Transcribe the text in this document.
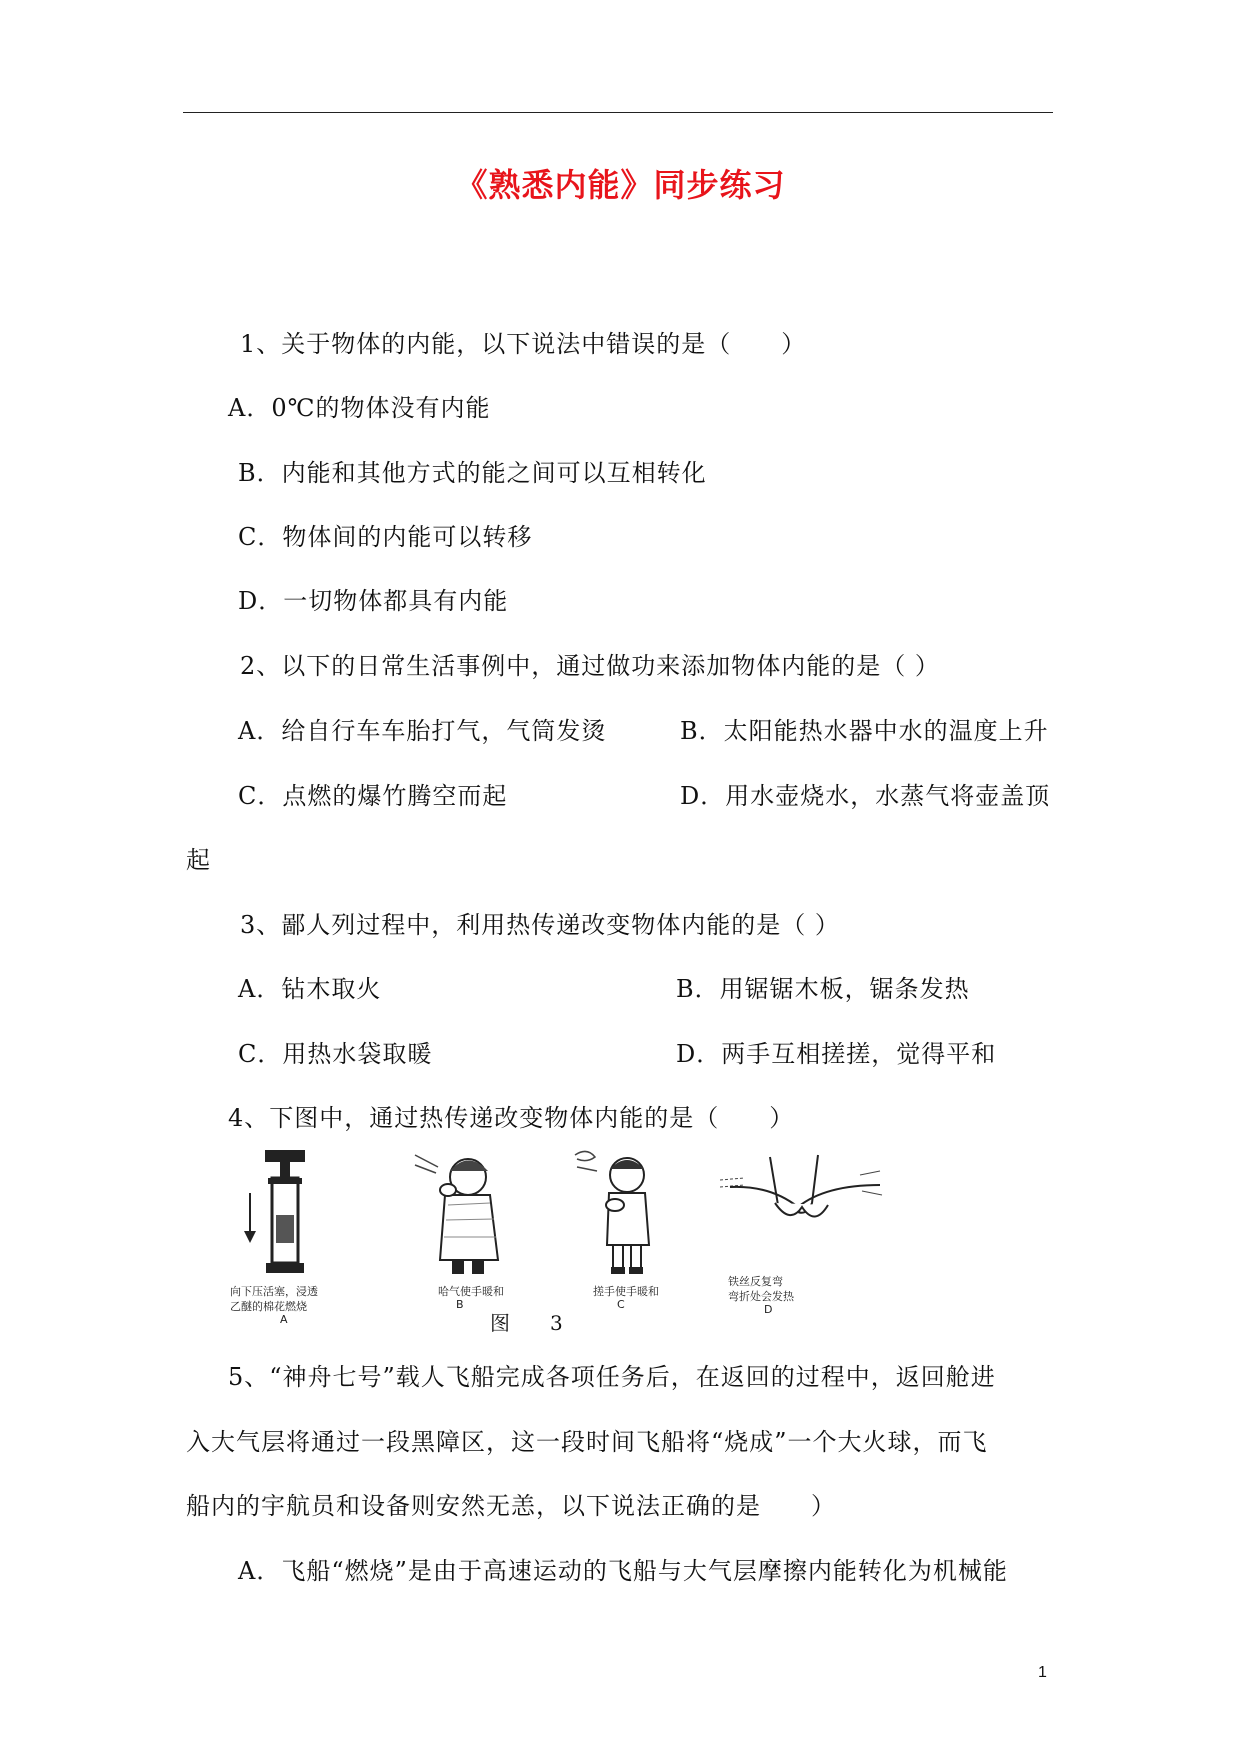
《熟悉内能》同步练习
1、关于物体的内能，以下说法中错误的是（　　）
A．0℃的物体没有内能
B．内能和其他方式的能之间可以互相转化
C．物体间的内能可以转移
D．一切物体都具有内能
2、以下的日常生活事例中，通过做功来添加物体内能的是（ ）
A．给自行车车胎打气，气筒发烫	B．太阳能热水器中水的温度上升
C．点燃的爆竹腾空而起	D．用水壶烧水，水蒸气将壶盖顶
起
3、鄙人列过程中，利用热传递改变物体内能的是（ ）
A．钻木取火	B．用锯锯木板，锯条发热
C．用热水袋取暖	D．两手互相搓搓，觉得平和
4、下图中，通过热传递改变物体内能的是（　　）
向下压活塞，浸透
乙醚的棉花燃烧
A
哈气使手暖和
B
搓手使手暖和
C
铁丝反复弯
弯折处会发热
D
图　　3
5、“神舟七号”载人飞船完成各项任务后，在返回的过程中，返回舱进
入大气层将通过一段黑障区，这一段时间飞船将“烧成”一个大火球，而飞
船内的宇航员和设备则安然无恙，以下说法正确的是　　）
A．飞船“燃烧”是由于高速运动的飞船与大气层摩擦内能转化为机械能
1
